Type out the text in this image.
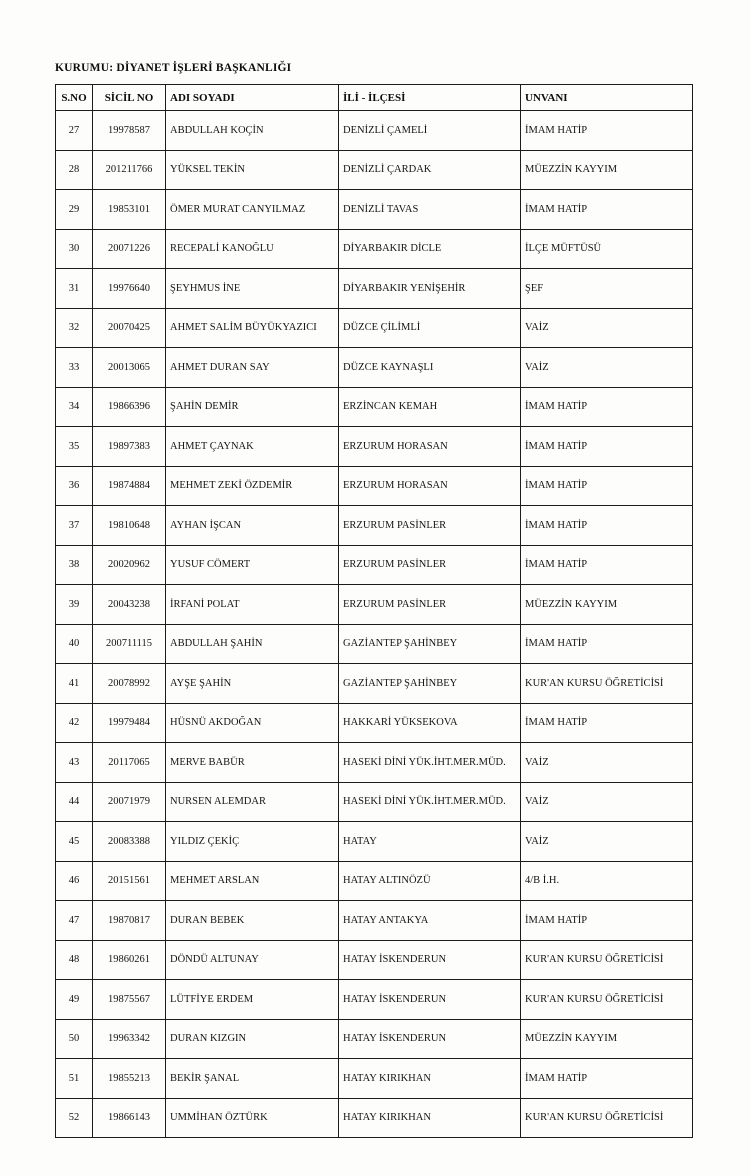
KURUMU: DİYANET İŞLERİ BAŞKANLIĞI
S.NO	SİCİL NO	ADI SOYADI	İLİ - İLÇESİ	UNVANI
27	19978587	ABDULLAH KOÇİN	DENİZLİ ÇAMELİ	İMAM HATİP
28	201211766	YÜKSEL TEKİN	DENİZLİ ÇARDAK	MÜEZZİN KAYYIM
29	19853101	ÖMER MURAT CANYILMAZ	DENİZLİ TAVAS	İMAM HATİP
30	20071226	RECEPALİ KANOĞLU	DİYARBAKIR DİCLE	İLÇE MÜFTÜSÜ
31	19976640	ŞEYHMUS İNE	DİYARBAKIR YENİŞEHİR	ŞEF
32	20070425	AHMET SALİM BÜYÜKYAZICI	DÜZCE ÇİLİMLİ	VAİZ
33	20013065	AHMET DURAN SAY	DÜZCE KAYNAŞLI	VAİZ
34	19866396	ŞAHİN DEMİR	ERZİNCAN KEMAH	İMAM HATİP
35	19897383	AHMET ÇAYNAK	ERZURUM HORASAN	İMAM HATİP
36	19874884	MEHMET ZEKİ ÖZDEMİR	ERZURUM HORASAN	İMAM HATİP
37	19810648	AYHAN İŞCAN	ERZURUM PASİNLER	İMAM HATİP
38	20020962	YUSUF CÖMERT	ERZURUM PASİNLER	İMAM HATİP
39	20043238	İRFANİ POLAT	ERZURUM PASİNLER	MÜEZZİN KAYYIM
40	200711115	ABDULLAH ŞAHİN	GAZİANTEP ŞAHİNBEY	İMAM HATİP
41	20078992	AYŞE ŞAHİN	GAZİANTEP ŞAHİNBEY	KUR'AN KURSU ÖĞRETİCİSİ
42	19979484	HÜSNÜ AKDOĞAN	HAKKARİ YÜKSEKOVA	İMAM HATİP
43	20117065	MERVE BABÜR	HASEKİ DİNİ YÜK.İHT.MER.MÜD.	VAİZ
44	20071979	NURSEN ALEMDAR	HASEKİ DİNİ YÜK.İHT.MER.MÜD.	VAİZ
45	20083388	YILDIZ ÇEKİÇ	HATAY	VAİZ
46	20151561	MEHMET ARSLAN	HATAY ALTINÖZÜ	4/B İ.H.
47	19870817	DURAN BEBEK	HATAY ANTAKYA	İMAM HATİP
48	19860261	DÖNDÜ ALTUNAY	HATAY İSKENDERUN	KUR'AN KURSU ÖĞRETİCİSİ
49	19875567	LÜTFİYE ERDEM	HATAY İSKENDERUN	KUR'AN KURSU ÖĞRETİCİSİ
50	19963342	DURAN KIZGIN	HATAY İSKENDERUN	MÜEZZİN KAYYIM
51	19855213	BEKİR ŞANAL	HATAY KIRIKHAN	İMAM HATİP
52	19866143	UMMİHAN ÖZTÜRK	HATAY KIRIKHAN	KUR'AN KURSU ÖĞRETİCİSİ
